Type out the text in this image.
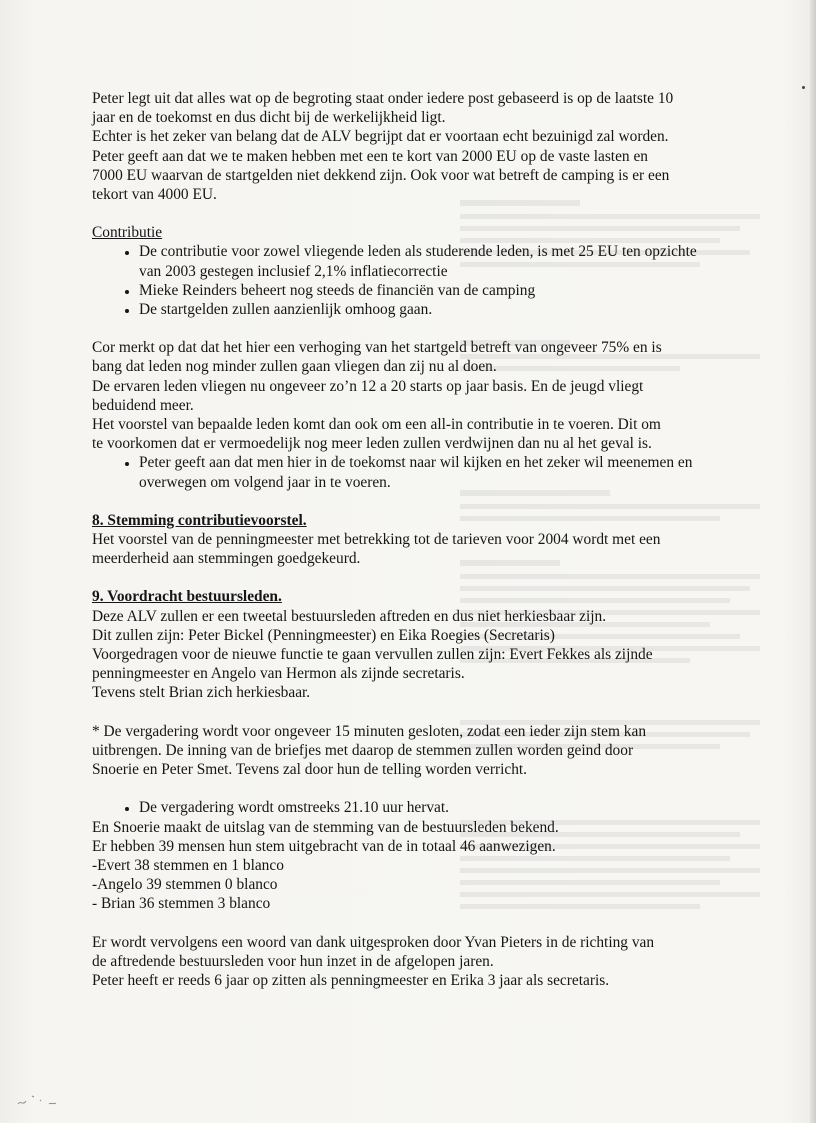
Peter legt uit dat alles wat op de begroting staat onder iedere post gebaseerd is op de laatste 10

jaar en de toekomst en dus dicht bij de werkelijkheid ligt.

Echter is het zeker van belang dat de ALV begrijpt dat er voortaan echt bezuinigd zal worden.

Peter geeft aan dat we te maken hebben met een te kort van 2000 EU op de vaste lasten en

7000 EU waarvan de startgelden niet dekkend zijn. Ook voor wat betreft de camping is er een

tekort van 4000 EU.

Contributie

• De contributie voor zowel vliegende leden als studerende leden, is met 25 EU ten opzichte van 2003 gestegen inclusief 2,1% inflatiecorrectie
• Mieke Reinders beheert nog steeds de financiën van de camping
• De startgelden zullen aanzienlijk omhoog gaan.

Cor merkt op dat dat het hier een verhoging van het startgeld betreft van ongeveer 75% en is

bang dat leden nog minder zullen gaan vliegen dan zij nu al doen.

De ervaren leden vliegen nu ongeveer zo’n 12 a 20 starts op jaar basis. En de jeugd vliegt

beduidend meer.

Het voorstel van bepaalde leden komt dan ook om een all-in contributie in te voeren. Dit om

te voorkomen dat er vermoedelijk nog meer leden zullen verdwijnen dan nu al het geval is.

• Peter geeft aan dat men hier in de toekomst naar wil kijken en het zeker wil meenemen en overwegen om volgend jaar in te voeren.

8. Stemming contributievoorstel.

Het voorstel van de penningmeester met betrekking tot de tarieven voor 2004 wordt met een

meerderheid aan stemmingen goedgekeurd.

9. Voordracht bestuursleden.

Deze ALV zullen er een tweetal bestuursleden aftreden en dus niet herkiesbaar zijn.

Dit zullen zijn: Peter Bickel (Penningmeester) en Eika Roegies (Secretaris)

Voorgedragen voor de nieuwe functie te gaan vervullen zullen zijn: Evert Fekkes als zijnde

penningmeester en Angelo van Hermon als zijnde secretaris.

Tevens stelt Brian zich herkiesbaar.

* De vergadering wordt voor ongeveer 15 minuten gesloten, zodat een ieder zijn stem kan

uitbrengen. De inning van de briefjes met daarop de stemmen zullen worden geind door

Snoerie en Peter Smet. Tevens zal door hun de telling worden verricht.

• De vergadering wordt omstreeks 21.10 uur hervat.

En Snoerie maakt de uitslag van de stemming van de bestuursleden bekend.

Er hebben 39 mensen hun stem uitgebracht van de in totaal 46 aanwezigen.

-Evert 38 stemmen en 1 blanco

-Angelo 39 stemmen 0 blanco

- Brian 36 stemmen 3 blanco

Er wordt vervolgens een woord van dank uitgesproken door Yvan Pieters in de richting van

de aftredende bestuursleden voor hun inzet in de afgelopen jaren.

Peter heeft er reeds 6 jaar op zitten als penningmeester en Erika 3 jaar als secretaris.
